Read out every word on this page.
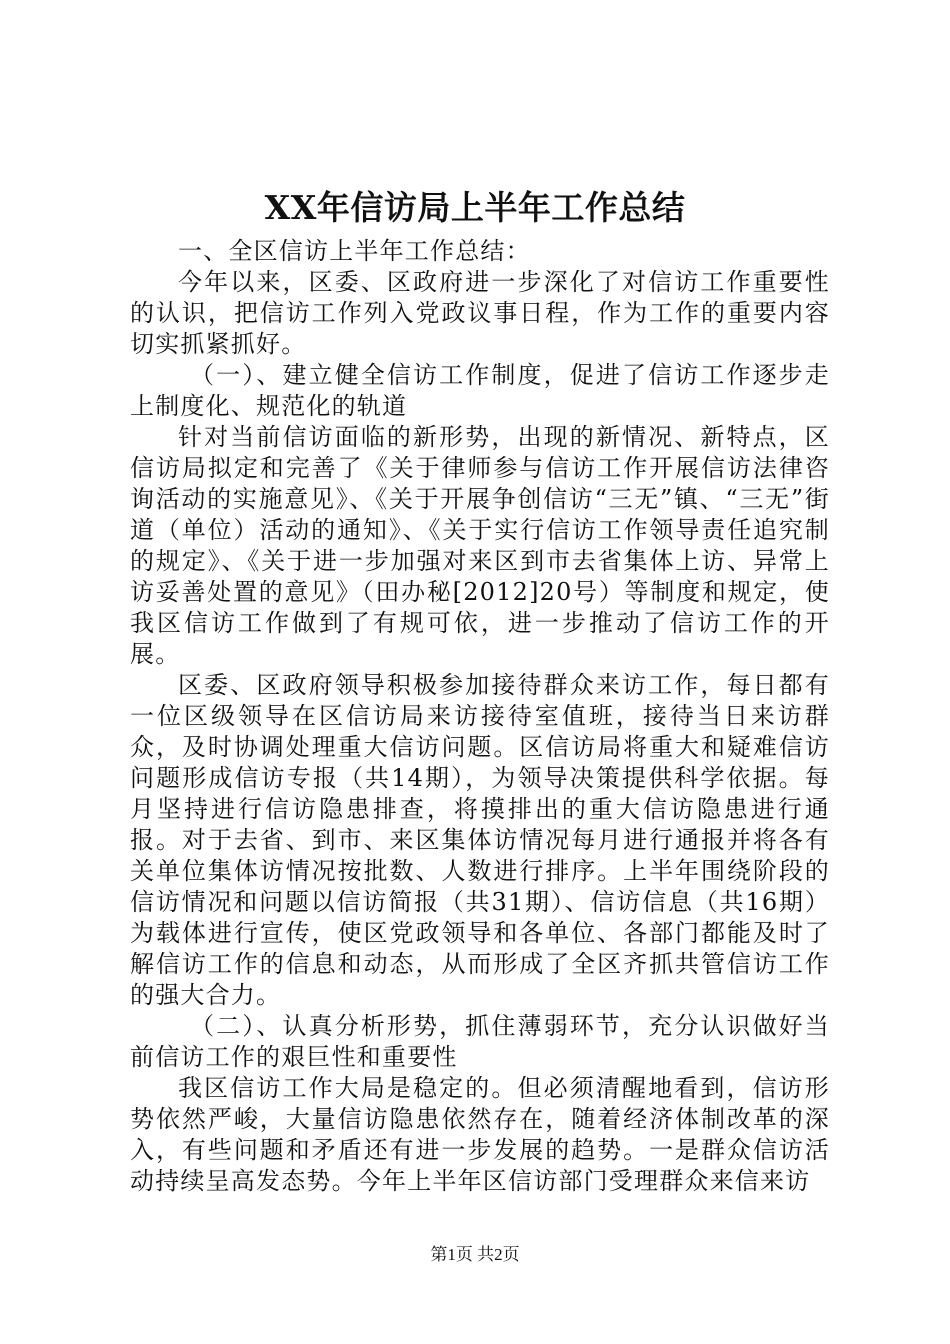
XX年信访局上半年工作总结

一、全区信访上半年工作总结：

今年以来，区委、区政府进一步深化了对信访工作重要性的认识，把信访工作列入党政议事日程，作为工作的重要内容切实抓紧抓好。

（一）、建立健全信访工作制度，促进了信访工作逐步走上制度化、规范化的轨道

针对当前信访面临的新形势，出现的新情况、新特点，区信访局拟定和完善了《关于律师参与信访工作开展信访法律咨询活动的实施意见》、《关于开展争创信访“三无”镇、“三无”街道（单位）活动的通知》、《关于实行信访工作领导责任追究制的规定》、《关于进一步加强对来区到市去省集体上访、异常上访妥善处置的意见》（田办秘[2012]20号）等制度和规定，使我区信访工作做到了有规可依，进一步推动了信访工作的开展。

区委、区政府领导积极参加接待群众来访工作，每日都有一位区级领导在区信访局来访接待室值班，接待当日来访群众，及时协调处理重大信访问题。区信访局将重大和疑难信访问题形成信访专报（共14期），为领导决策提供科学依据。每月坚持进行信访隐患排查，将摸排出的重大信访隐患进行通报。对于去省、到市、来区集体访情况每月进行通报并将各有关单位集体访情况按批数、人数进行排序。上半年围绕阶段的信访情况和问题以信访简报（共31期）、信访信息（共16期）为载体进行宣传，使区党政领导和各单位、各部门都能及时了解信访工作的信息和动态，从而形成了全区齐抓共管信访工作的强大合力。

（二）、认真分析形势，抓住薄弱环节，充分认识做好当前信访工作的艰巨性和重要性

我区信访工作大局是稳定的。但必须清醒地看到，信访形势依然严峻，大量信访隐患依然存在，随着经济体制改革的深入，有些问题和矛盾还有进一步发展的趋势。一是群众信访活动持续呈高发态势。今年上半年区信访部门受理群众来信来访

第1页 共2页
